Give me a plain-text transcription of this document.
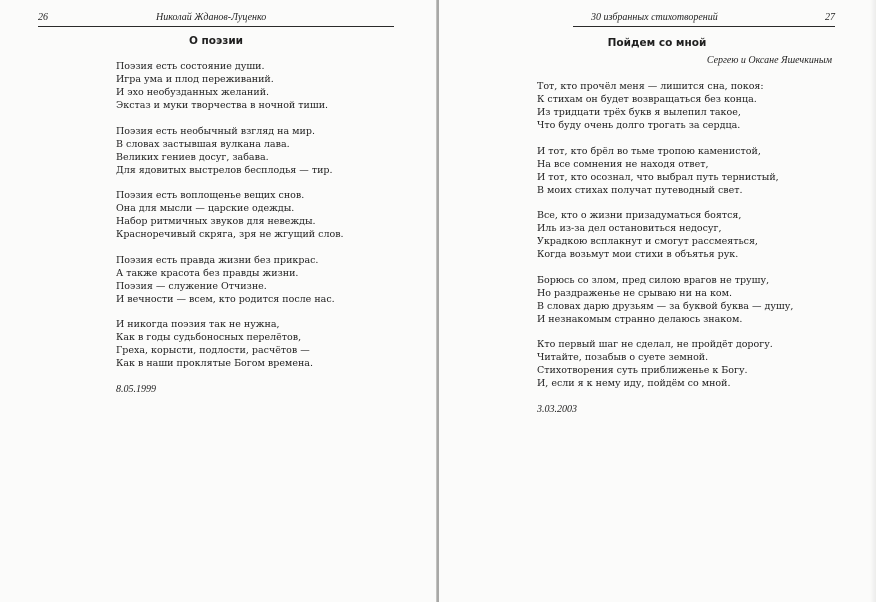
26	Николай Жданов-Луценко
О поэзии
Поэзия есть состояние души.
Игра ума и плод переживаний.
И эхо необузданных желаний.
Экстаз и муки творчества в ночной тиши.
Поэзия есть необычный взгляд на мир.
В словах застывшая вулкана лава.
Великих гениев досуг, забава.
Для ядовитых выстрелов бесплодья — тир.
Поэзия есть воплощенье вещих снов.
Она для мысли — царские одежды.
Набор ритмичных звуков для невежды.
Красноречивый скряга, зря не жгущий слов.
Поэзия есть правда жизни без прикрас.
А также красота без правды жизни.
Поэзия — служение Отчизне.
И вечности — всем, кто родится после нас.
И никогда поэзия так не нужна,
Как в годы судьбоносных перелётов,
Греха, корысти, подлости, расчётов —
Как в наши проклятые Богом времена.
8.05.1999
30 избранных стихотворений	27
Пойдем со мной
Сергею и Оксане Яшечкиным
Тот, кто прочёл меня — лишится сна, покоя:
К стихам он будет возвращаться без конца.
Из тридцати трёх букв я вылепил такое,
Что буду очень долго трогать за сердца.
И тот, кто брёл во тьме тропою каменистой,
На все сомнения не находя ответ,
И тот, кто осознал, что выбрал путь тернистый,
В моих стихах получат путеводный свет.
Все, кто о жизни призадуматься боятся,
Иль из-за дел остановиться недосуг,
Украдкою всплакнут и смогут рассмеяться,
Когда возьмут мои стихи в объятья рук.
Борюсь со злом, пред силою врагов не трушу,
Но раздраженье не срываю ни на ком.
В словах дарю друзьям — за буквой буква — душу,
И незнакомым странно делаюсь знаком.
Кто первый шаг не сделал, не пройдёт дорогу.
Читайте, позабыв о суете земной.
Стихотворения суть приближенье к Богу.
И, если я к нему иду, пойдём со мной.
3.03.2003
